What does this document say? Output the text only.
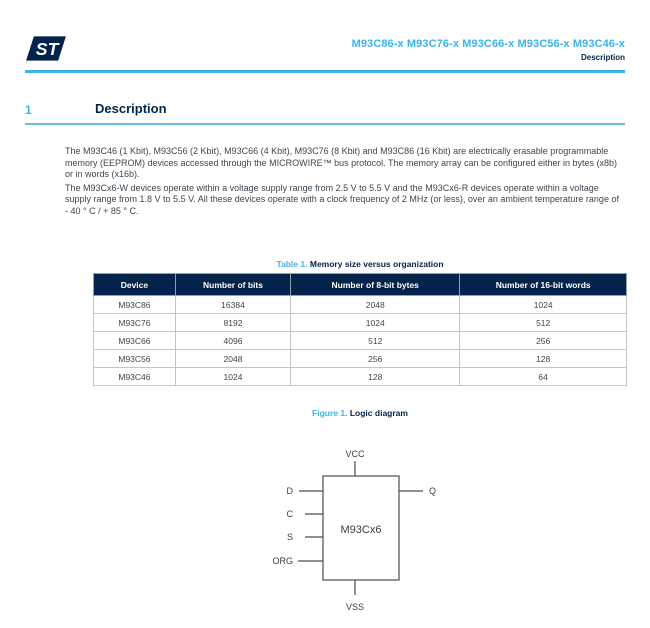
ST	M93C86-x M93C76-x M93C66-x M93C56-x M93C46-x
Description
1	Description

The M93C46 (1 Kbit), M93C56 (2 Kbit), M93C66 (4 Kbit), M93C76 (8 Kbit) and M93C86 (16 Kbit) are electrically erasable programmable memory (EEPROM) devices accessed through the MICROWIRE™ bus protocol. The memory array can be configured either in bytes (x8b) or in words (x16b).

The M93Cx6-W devices operate within a voltage supply range from 2.5 V to 5.5 V and the M93Cx6-R devices operate within a voltage supply range from 1.8 V to 5.5 V. All these devices operate with a clock frequency of 2 MHz (or less), over an ambient temperature range of - 40 ° C / + 85 ° C.

Table 1. Memory size versus organization
Device	Number of bits	Number of 8-bit bytes	Number of 16-bit words
M93C86	16384	2048	1024
M93C76	8192	1024	512
M93C66	4096	512	256
M93C56	2048	256	128
M93C46	1024	128	64
Figure 1. Logic diagram
VCC
M93Cx6
D
C
S
ORG
Q
VSS
